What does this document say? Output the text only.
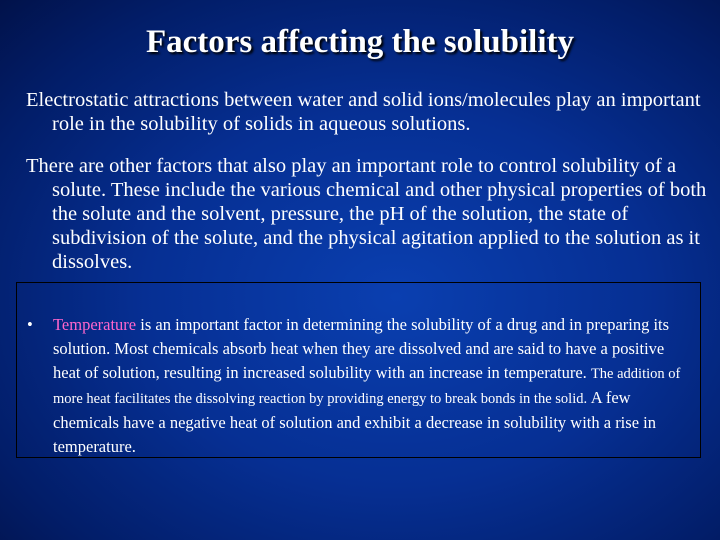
Factors affecting the solubility

Electrostatic attractions between water and solid ions/molecules play an important role in the solubility of solids in aqueous solutions.

There are other factors that also play an important role to control solubility of a solute. These include the various chemical and other physical properties of both the solute and the solvent, pressure, the pH of the solution, the state of subdivision of the solute, and the physical agitation applied to the solution as it dissolves.

•	Temperature is an important factor in determining the solubility of a drug and in preparing its solution. Most chemicals absorb heat when they are dissolved and are said to have a positive heat of solution, resulting in increased solubility with an increase in temperature. The addition of more heat facilitates the dissolving reaction by providing energy to break bonds in the solid. A few chemicals have a negative heat of solution and exhibit a decrease in solubility with a rise in temperature.
